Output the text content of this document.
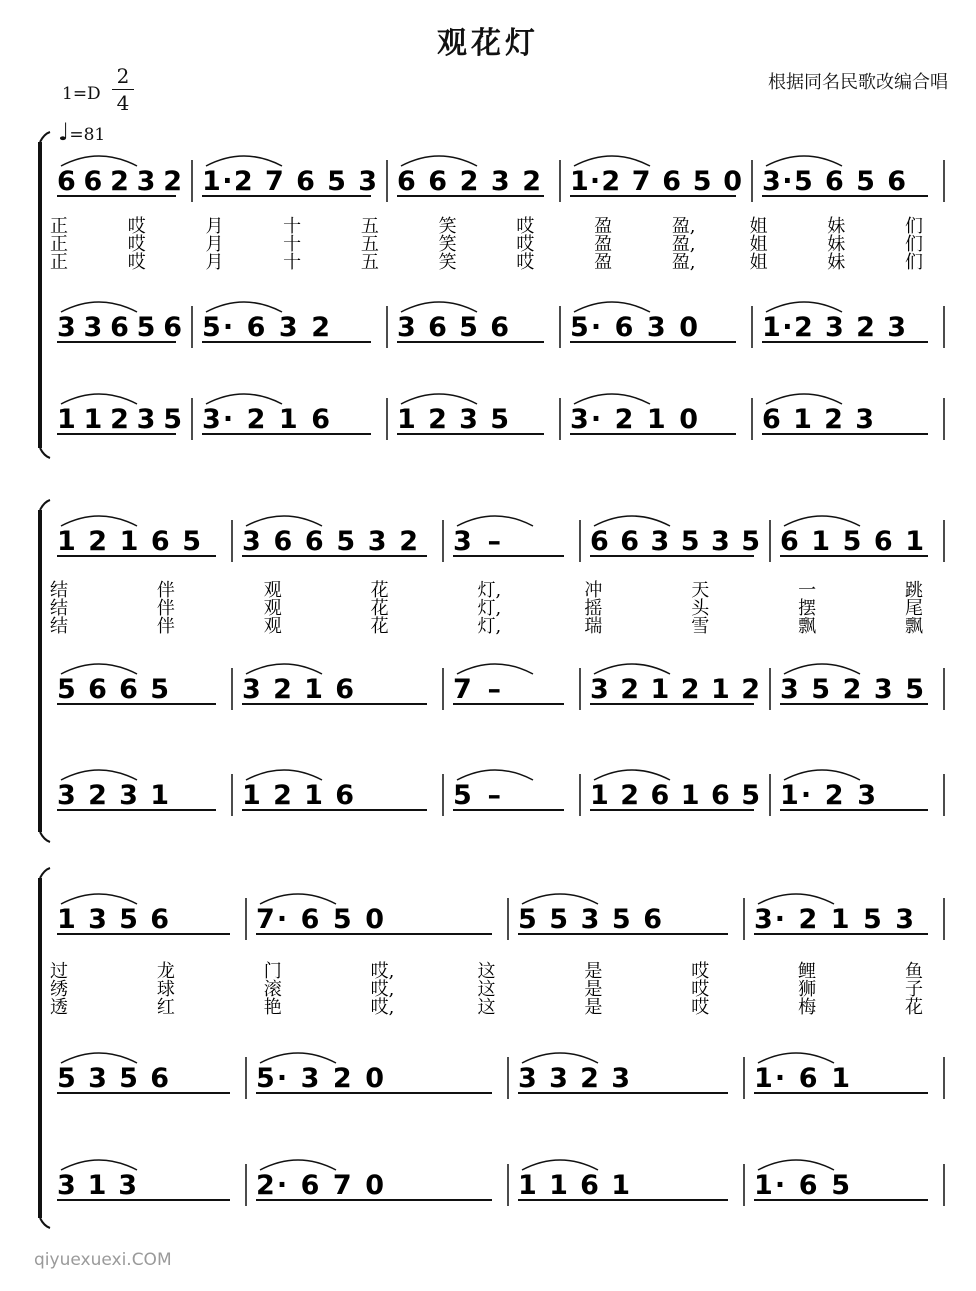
观花灯
根据同名民歌改编合唱
1=D
2
4
♩=81
6 6 2 3 2 1·2 7 6 5 3 6 6 2 3 2 1·2 7 6 5 0 3·5 6 5 6
3 3 6 5 6 5· 6 3 2 3 6 5 6 5· 6 3 0 1·2 3 2 3
1 1 2 3 5 3· 2 1 6 1 2 3 5 3· 2 1 0 6 1 2 3
正	哎	月	十	五	笑	哎	盈	盈,	姐	妹	们
正	哎	月	十	五	笑	哎	盈	盈,	姐	妹	们
正	哎	月	十	五	笑	哎	盈	盈,	姐	妹	们
1 2 1 6 5 3 6 6 5 3 2 3 –	6 6 3 5 3 5 6 1 5 6 1
5 6 6 5	3 2 1 6	7 –	3 2 1 2 1 2 3 5 2 3 5
3 2 3 1	1 2 1 6	5 –	1 2 6 1 6 5 1· 2 3
结	伴	观	花	灯,	冲	天	一	跳
结	伴	观	花	灯,	摇	头	摆	尾
结	伴	观	花	灯,	瑞	雪	飘	飘
1 3 5 6	7· 6 5 0	5 5 3 5 6	3· 2 1 5 3
5 3 5 6	5· 3 2 0	3 3 2 3	1· 6 1
3 1 3	2· 6 7 0	1 1 6 1	1· 6 5
过	龙	门	哎,	这	是	哎	鲤	鱼
绣	球	滚	哎,	这	是	哎	狮	子
透	红	艳	哎,	这	是	哎	梅	花
qiyuexuexi.COM
